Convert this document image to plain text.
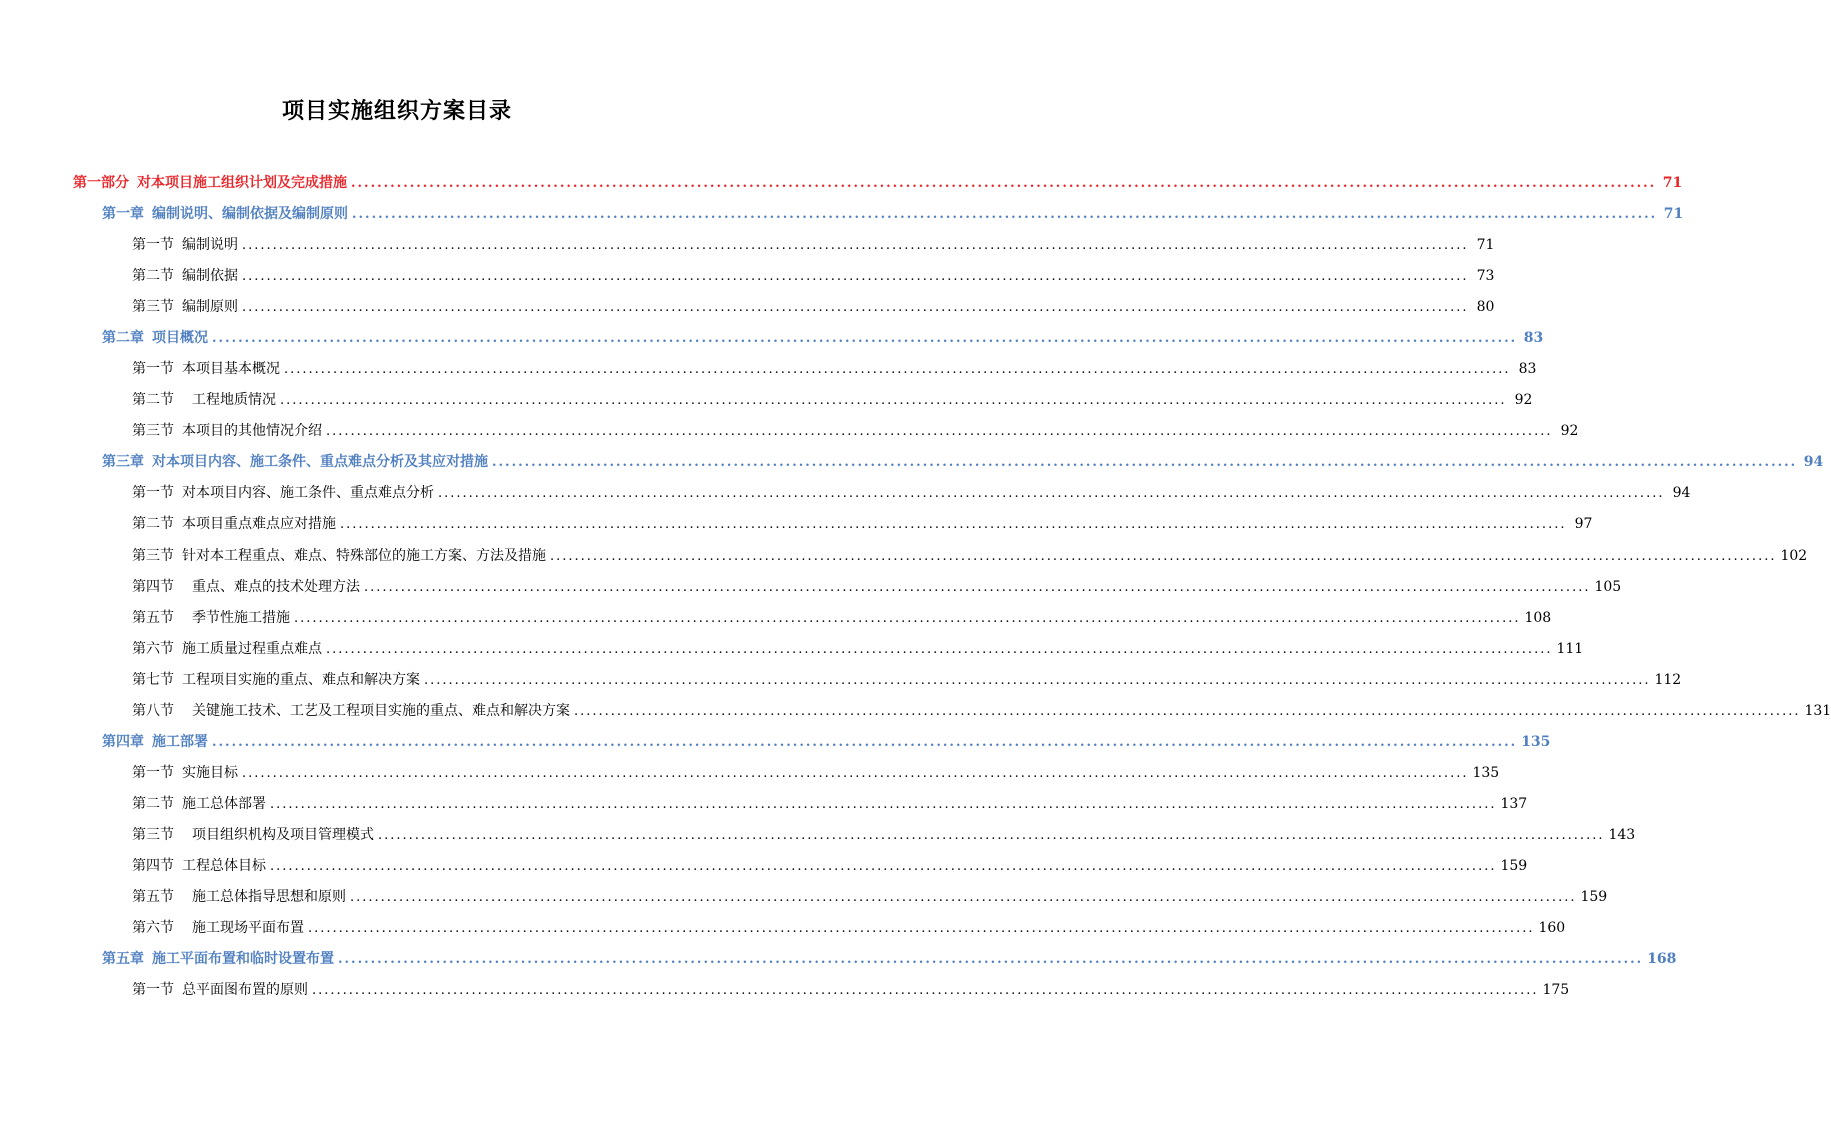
项目实施组织方案目录
第一部分 对本项目施工组织计划及完成措施 ........................................................................................................................................................................................................ 71
第一章 编制说明、编制依据及编制原则 ........................................................................................................................................................................................................ 71
第一节 编制说明 ........................................................................................................................................................................................................ 71
第二节 编制依据 ........................................................................................................................................................................................................ 73
第三节 编制原则 ........................................................................................................................................................................................................ 80
第二章 项目概况 ........................................................................................................................................................................................................ 83
第一节 本项目基本概况 ........................................................................................................................................................................................................ 83
第二节 工程地质情况 ........................................................................................................................................................................................................ 92
第三节 本项目的其他情况介绍 ........................................................................................................................................................................................................ 92
第三章 对本项目内容、施工条件、重点难点分析及其应对措施 ........................................................................................................................................................................................................ 94
第一节 对本项目内容、施工条件、重点难点分析 ........................................................................................................................................................................................................ 94
第二节 本项目重点难点应对措施 ........................................................................................................................................................................................................ 97
第三节 针对本工程重点、难点、特殊部位的施工方案、方法及措施 ........................................................................................................................................................................................................ 102
第四节 重点、难点的技术处理方法 ........................................................................................................................................................................................................ 105
第五节 季节性施工措施 ........................................................................................................................................................................................................ 108
第六节 施工质量过程重点难点 ........................................................................................................................................................................................................ 111
第七节 工程项目实施的重点、难点和解决方案 ........................................................................................................................................................................................................ 112
第八节 关键施工技术、工艺及工程项目实施的重点、难点和解决方案 ........................................................................................................................................................................................................ 131
第四章 施工部署 ........................................................................................................................................................................................................ 135
第一节 实施目标 ........................................................................................................................................................................................................ 135
第二节 施工总体部署 ........................................................................................................................................................................................................ 137
第三节 项目组织机构及项目管理模式 ........................................................................................................................................................................................................ 143
第四节 工程总体目标 ........................................................................................................................................................................................................ 159
第五节 施工总体指导思想和原则 ........................................................................................................................................................................................................ 159
第六节 施工现场平面布置 ........................................................................................................................................................................................................ 160
第五章 施工平面布置和临时设置布置 ........................................................................................................................................................................................................ 168
第一节 总平面图布置的原则 ........................................................................................................................................................................................................ 175
